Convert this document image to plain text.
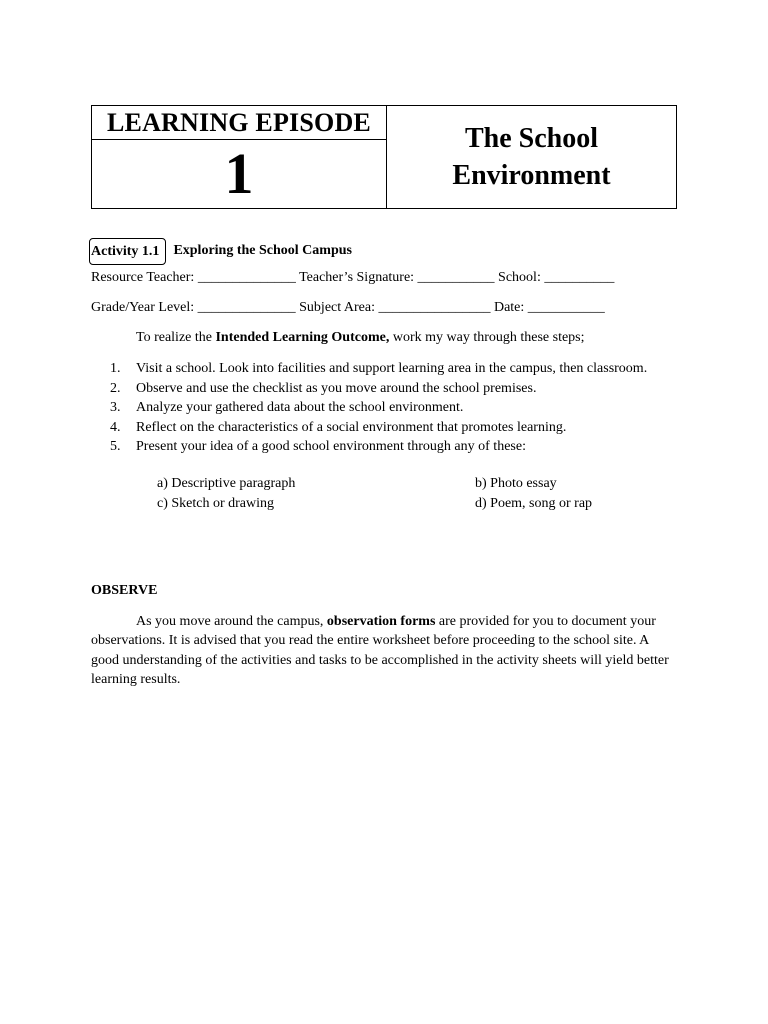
LEARNING EPISODE
1
The School
Environment
Activity 1.1	Exploring the School Campus
Resource Teacher: ______________ Teacher’s Signature: ___________ School: __________
Grade/Year Level: ______________ Subject Area: ________________ Date: ___________
To realize the Intended Learning Outcome, work my way through these steps;
1.	Visit a school. Look into facilities and support learning area in the campus, then classroom.
2.	Observe and use the checklist as you move around the school premises.
3.	Analyze your gathered data about the school environment.
4.	Reflect on the characteristics of a social environment that promotes learning.
5.	Present your idea of a good school environment through any of these:
a) Descriptive paragraph	b) Photo essay
c) Sketch or drawing	d) Poem, song or rap
OBSERVE
As you move around the campus, observation forms are provided for you to document your observations. It is advised that you read the entire worksheet before proceeding to the school site. A good understanding of the activities and tasks to be accomplished in the activity sheets will yield better learning results.
